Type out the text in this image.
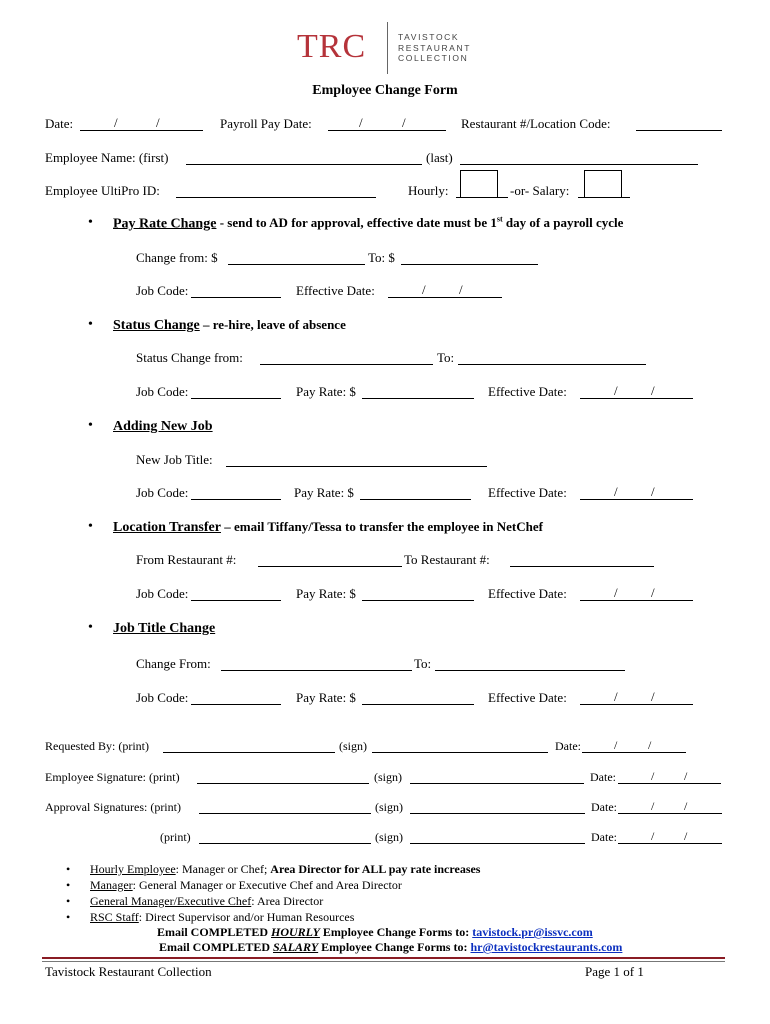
TRC	TAVISTOCK
RESTAURANT
COLLECTION
Employee Change Form
Date:	/	/	Payroll Pay Date:	/	/	Restaurant #/Location Code:
Employee Name: (first)	(last)
Employee UltiPro ID:	Hourly:	-or- Salary:
• Pay Rate Change - send to AD for approval, effective date must be 1st day of a payroll cycle
Change from: $	To: $
Job Code:	Effective Date:	/	/
• Status Change – re-hire, leave of absence
Status Change from:	To:
Job Code:	Pay Rate: $	Effective Date:	/	/
• Adding New Job
New Job Title:
Job Code:	Pay Rate: $	Effective Date:	/	/
• Location Transfer – email Tiffany/Tessa to transfer the employee in NetChef
From Restaurant #:	To Restaurant #:
Job Code:	Pay Rate: $	Effective Date:	/	/
• Job Title Change
Change From:	To:
Job Code:	Pay Rate: $	Effective Date:	/	/
Requested By: (print)	(sign)	Date:	/	/
Employee Signature: (print)	(sign)	Date:	/ /
Approval Signatures: (print)	(sign)	Date:	/ /
(print)	(sign)	Date:	/ /
• Hourly Employee: Manager or Chef; Area Director for ALL pay rate increases
• Manager: General Manager or Executive Chef and Area Director
• General Manager/Executive Chef: Area Director
• RSC Staff: Direct Supervisor and/or Human Resources
Email COMPLETED HOURLY Employee Change Forms to: tavistock.pr@issvc.com
Email COMPLETED SALARY Employee Change Forms to: hr@tavistockrestaurants.com
Tavistock Restaurant Collection	Page 1 of 1
